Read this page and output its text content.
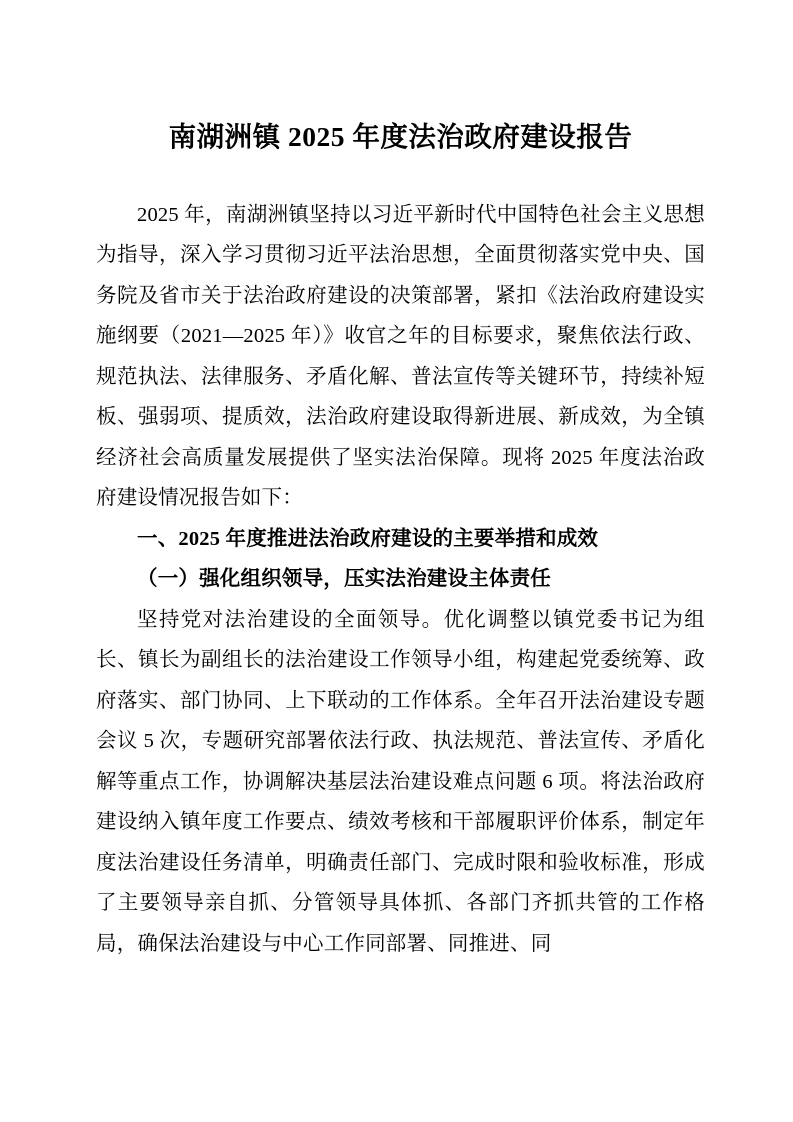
南湖洲镇 2025 年度法治政府建设报告

2025 年，南湖洲镇坚持以习近平新时代中国特色社会主义思想为指导，深入学习贯彻习近平法治思想，全面贯彻落实党中央、国务院及省市关于法治政府建设的决策部署，紧扣《法治政府建设实施纲要（2021—2025 年）》收官之年的目标要求，聚焦依法行政、规范执法、法律服务、矛盾化解、普法宣传等关键环节，持续补短板、强弱项、提质效，法治政府建设取得新进展、新成效，为全镇经济社会高质量发展提供了坚实法治保障。现将 2025 年度法治政府建设情况报告如下：

一、2025 年度推进法治政府建设的主要举措和成效

（一）强化组织领导，压实法治建设主体责任

坚持党对法治建设的全面领导。优化调整以镇党委书记为组长、镇长为副组长的法治建设工作领导小组，构建起党委统筹、政府落实、部门协同、上下联动的工作体系。全年召开法治建设专题会议 5 次，专题研究部署依法行政、执法规范、普法宣传、矛盾化解等重点工作，协调解决基层法治建设难点问题 6 项。将法治政府建设纳入镇年度工作要点、绩效考核和干部履职评价体系，制定年度法治建设任务清单，明确责任部门、完成时限和验收标准，形成了主要领导亲自抓、分管领导具体抓、各部门齐抓共管的工作格局，确保法治建设与中心工作同部署、同推进、同
